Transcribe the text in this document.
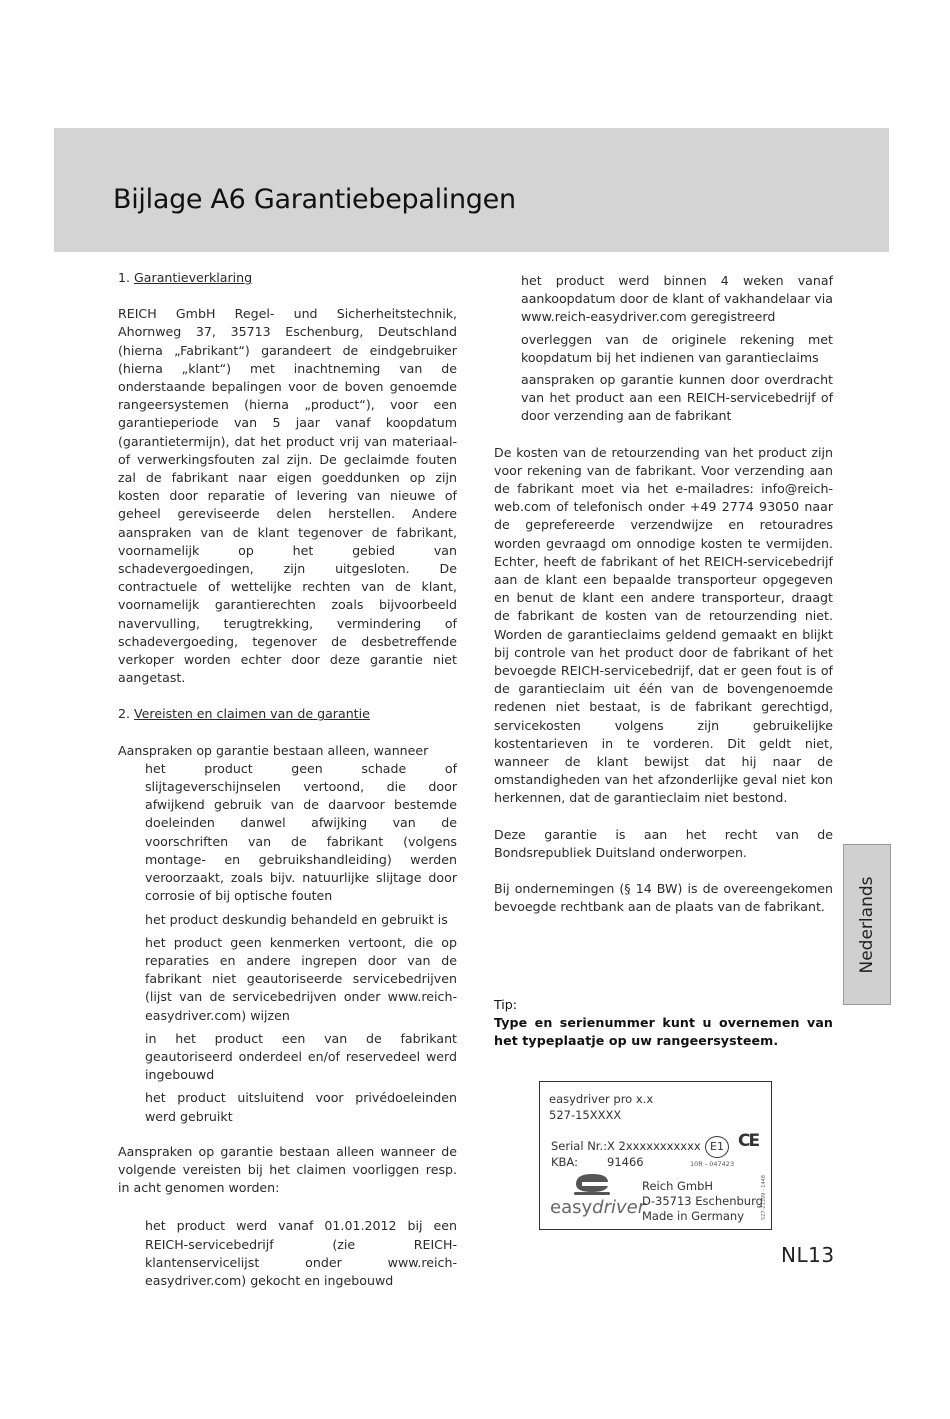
Bijlage A6 Garantiebepalingen

1. Garantieverklaring

REICH GmbH Regel- und Sicherheitstechnik, Ahornweg 37, 35713 Eschenburg, Deutschland (hierna „Fabrikant“) garandeert de eindgebruiker (hierna „klant“) met inachtneming van de onderstaande bepalingen voor de boven genoemde rangeersystemen (hierna „product“), voor een garantieperiode van 5 jaar vanaf koopdatum (garantietermijn), dat het product vrij van materiaal- of verwerkingsfouten zal zijn. De geclaimde fouten zal de fabrikant naar eigen goeddunken op zijn kosten door reparatie of levering van nieuwe of geheel gereviseerde delen herstellen. Andere aanspraken van de klant tegenover de fabrikant, voornamelijk op het gebied van schadevergoedingen, zijn uitgesloten. De contractuele of wettelijke rechten van de klant, voornamelijk garantierechten zoals bijvoorbeeld navervulling, terugtrekking, vermindering of schadevergoeding, tegenover de desbetreffende verkoper worden echter door deze garantie niet aangetast.

2. Vereisten en claimen van de garantie

Aanspraken op garantie bestaan alleen, wanneer

het product geen schade of slijtageverschijnselen vertoond, die door afwijkend gebruik van de daarvoor bestemde doeleinden danwel afwijking van de voorschriften van de fabrikant (volgens montage- en gebruikshandleiding) werden veroorzaakt, zoals bijv. natuurlijke slijtage door corrosie of bij optische fouten
het product deskundig behandeld en gebruikt is
het product geen kenmerken vertoont, die op reparaties en andere ingrepen door van de fabrikant niet geautoriseerde servicebedrijven (lijst van de servicebedrijven onder www.reich-easydriver.com) wijzen
in het product een van de fabrikant geautoriseerd onderdeel en/of reservedeel werd ingebouwd
het product uitsluitend voor privédoeleinden werd gebruikt

Aanspraken op garantie bestaan alleen wanneer de volgende vereisten bij het claimen voorliggen resp. in acht genomen worden:

het product werd vanaf 01.01.2012 bij een REICH-servicebedrijf (zie REICH-klantenservicelijst onder www.reich-easydriver.com) gekocht en ingebouwd
het product werd binnen 4 weken vanaf aankoopdatum door de klant of vakhandelaar via www.reich-easydriver.com geregistreerd
overleggen van de originele rekening met koopdatum bij het indienen van garantieclaims
aanspraken op garantie kunnen door overdracht van het product aan een REICH-servicebedrijf of door verzending aan de fabrikant

De kosten van de retourzending van het product zijn voor rekening van de fabrikant. Voor verzending aan de fabrikant moet via het e-mailadres: info@reich-web.com of telefonisch onder +49 2774 93050 naar de geprefereerde verzendwijze en retouradres worden gevraagd om onnodige kosten te vermijden. Echter, heeft de fabrikant of het REICH-servicebedrijf aan de klant een bepaalde transporteur opgegeven en benut de klant een andere transporteur, draagt de fabrikant de kosten van de retourzending niet. Worden de garantieclaims geldend gemaakt en blijkt bij controle van het product door de fabrikant of het bevoegde REICH-servicebedrijf, dat er geen fout is of de garantieclaim uit één van de bovengenoemde redenen niet bestaat, is de fabrikant gerechtigd, servicekosten volgens zijn gebruikelijke kostentarieven in te vorderen. Dit geldt niet, wanneer de klant bewijst dat hij naar de omstandigheden van het afzonderlijke geval niet kon herkennen, dat de garantieclaim niet bestond.

Deze garantie is aan het recht van de Bondsrepubliek Duitsland onderworpen.

Bij ondernemingen (§ 14 BW) is de overeengekomen bevoegde rechtbank aan de plaats van de fabrikant.

Tip:

Type en serienummer kunt u overnemen van het typeplaatje op uw rangeersysteem.

easydriver pro x.x
527-15XXXX
Serial Nr.: X 2xxxxxxxxxxx
KBA:	91466
E1 CE
10R - 047423
easydriver
Reich GmbH
D-35713 Eschenburg
Made in Germany	527-21399 - 1448
Nederlands
NL13
